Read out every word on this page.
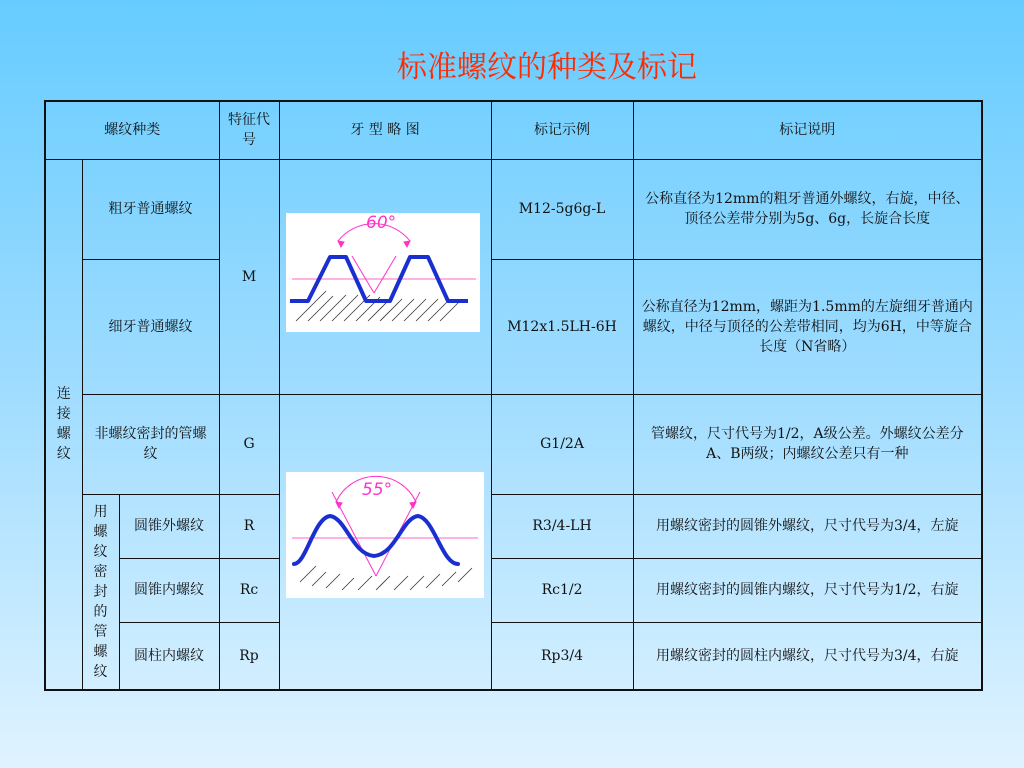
标准螺纹的种类及标记
螺纹种类			特征代号	牙 型 略 图	标记示例	标记说明
连接螺纹	粗牙普通螺纹		M		M12-5g6g-L	公称直径为12mm的粗牙普通外螺纹，右旋，中径、顶径公差带分别为5g、6g，长旋合长度
	细牙普通螺纹				M12x1.5LH-6H	公称直径为12mm，螺距为1.5mm的左旋细牙普通内螺纹，中径与顶径的公差带相同，均为6H，中等旋合长度（N省略）
	非螺纹密封的管螺纹		G		G1/2A	管螺纹，尺寸代号为1/2，A级公差。外螺纹公差分A、B两级；内螺纹公差只有一种
	用螺纹密封的管螺纹	圆锥外螺纹	R		R3/4-LH	用螺纹密封的圆锥外螺纹，尺寸代号为3/4，左旋
		圆锥内螺纹	Rc		Rc1/2	用螺纹密封的圆锥内螺纹，尺寸代号为1/2，右旋
		圆柱内螺纹	Rp		Rp3/4	用螺纹密封的圆柱内螺纹，尺寸代号为3/4，右旋
60°
55°
